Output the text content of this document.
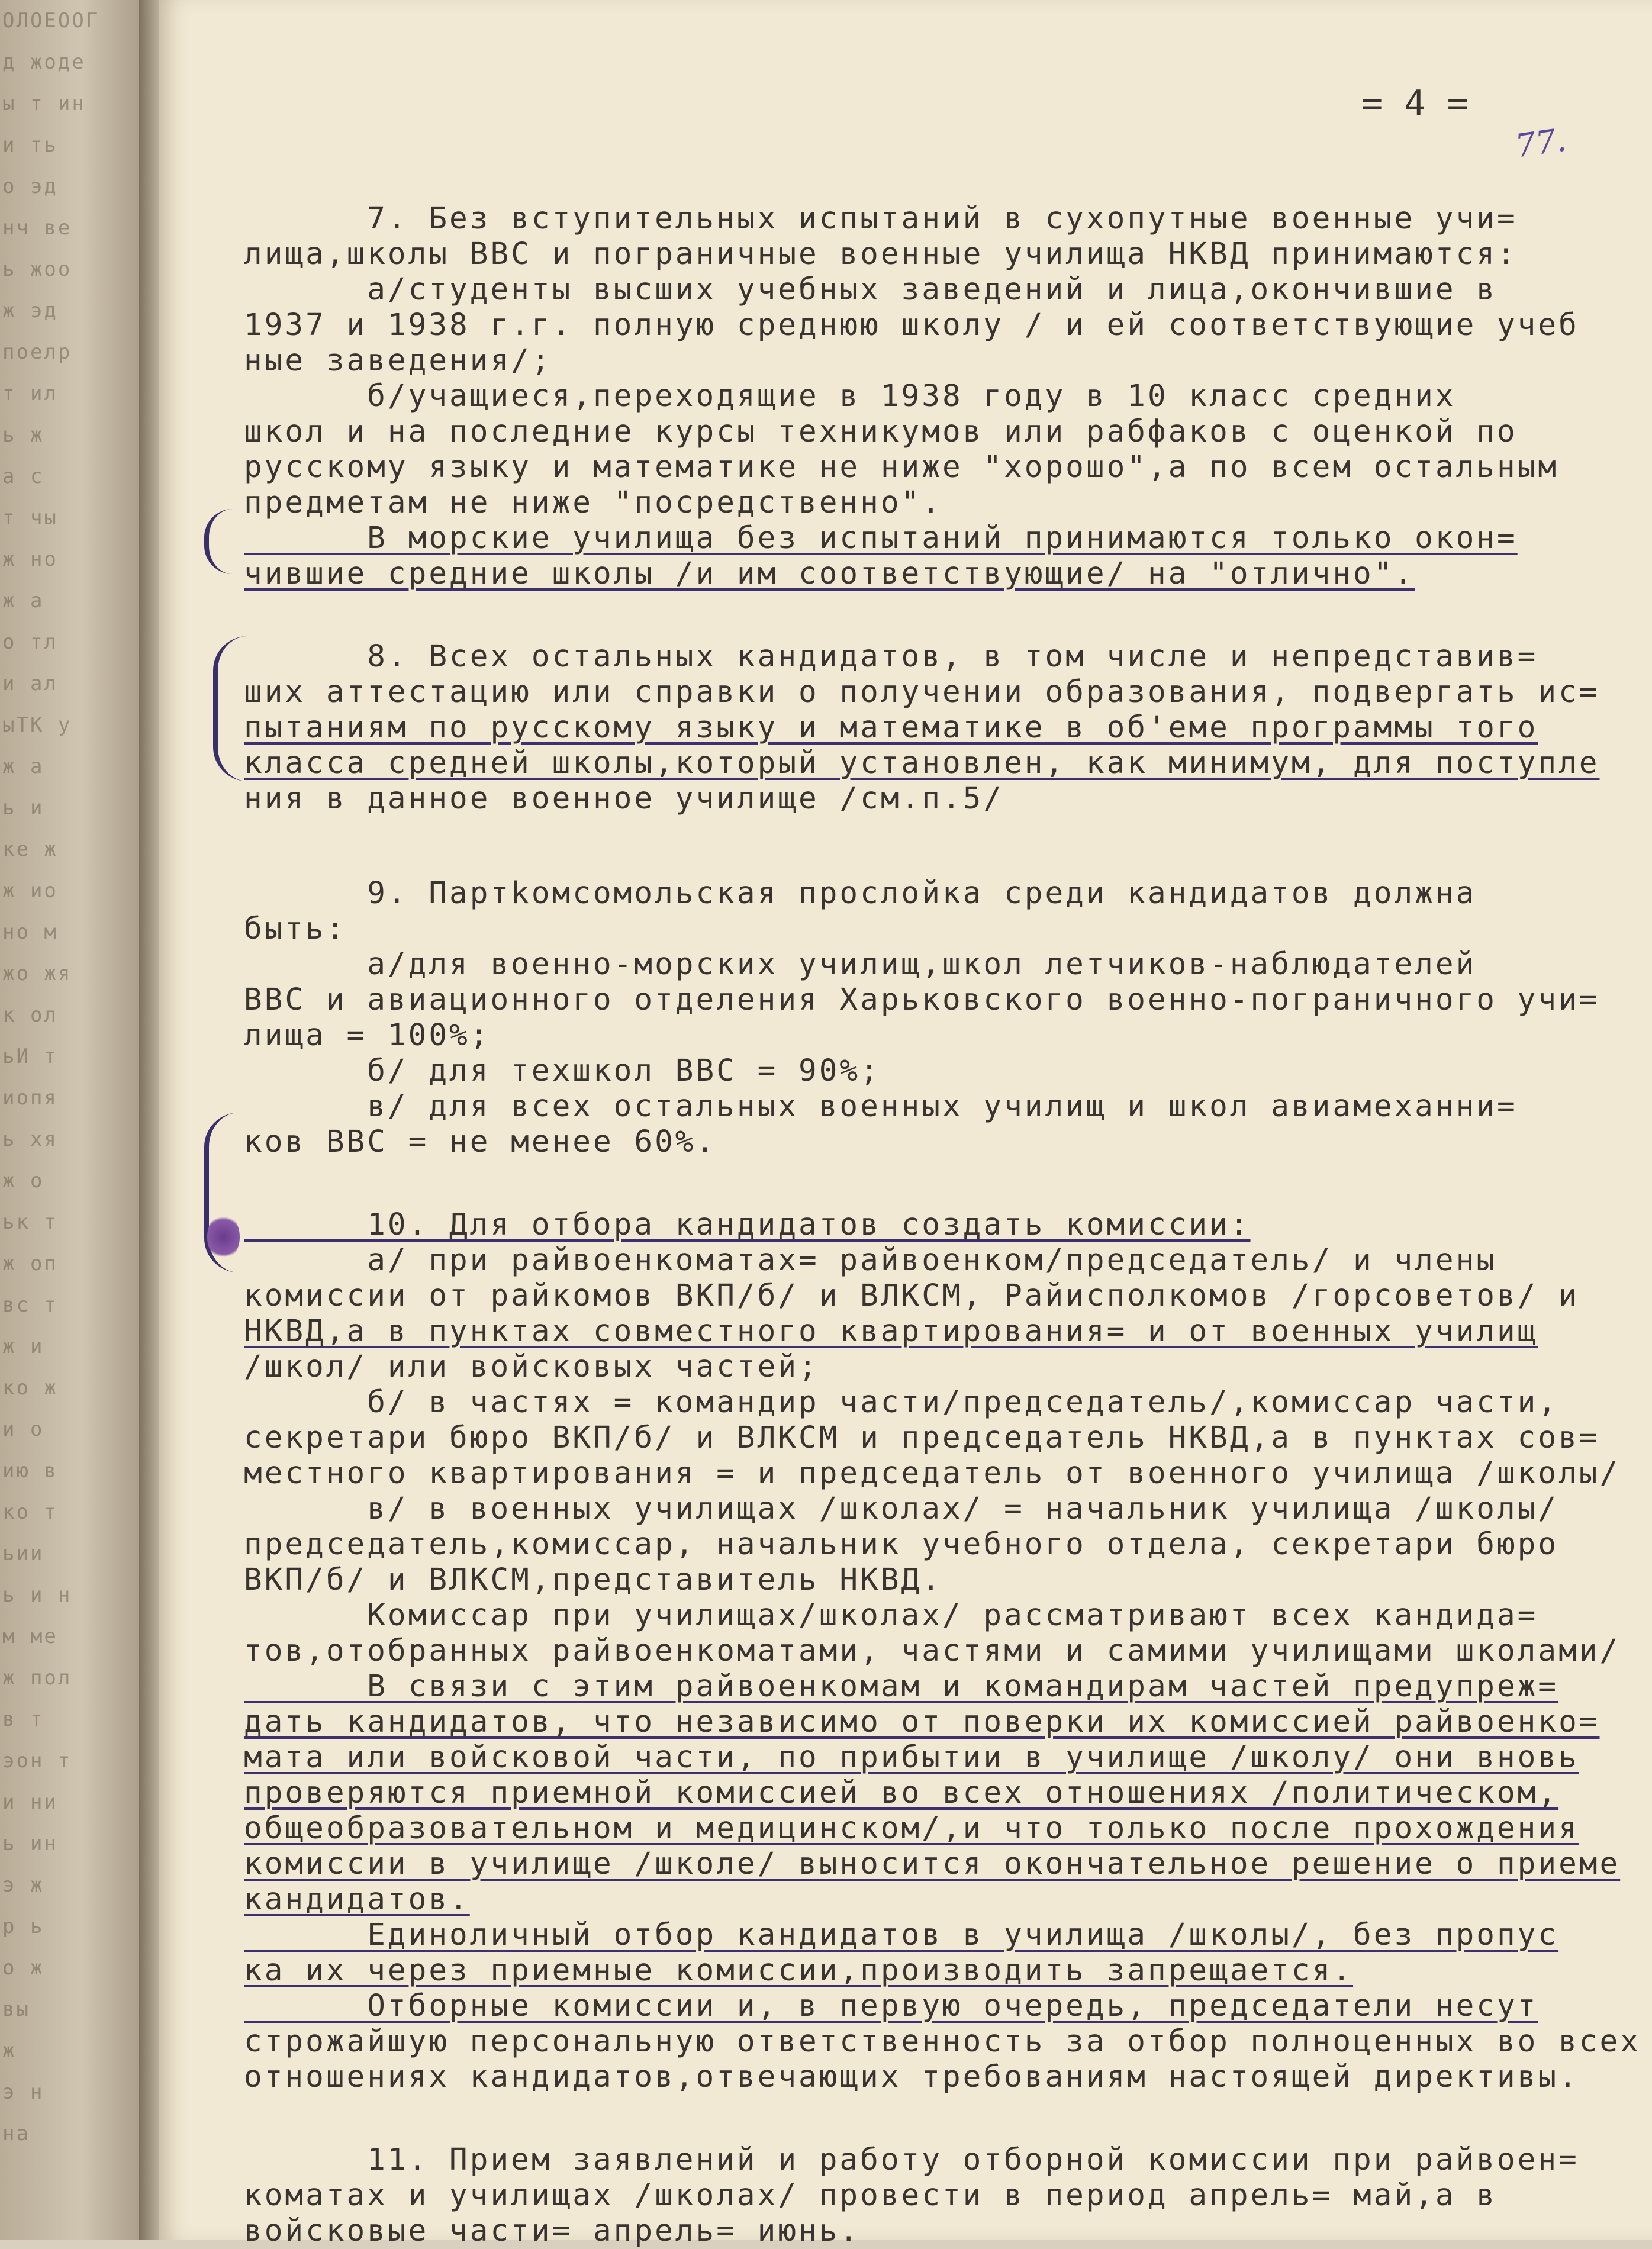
ОЛОЕООГ
д жоде
ы т ин
и ть
о эд
нч ве
ь жоо
ж эд
поелр
т ил
ь ж
а с
т чы
ж но
ж а
о тл
и ал
ыТК у
ж а
ь и
ке ж
ж ио
но м
жо жя
к ол
ьИ т
иопя
ь хя
ж о
ьк т
ж оп
вс т
ж и
ко ж
и о
ию в
ко т
ьии
ь и н
м ме
ж пол
в т
эон т
и ни
ь ин
э ж
р ь
о ж
вы
ж
э н
на
= 4 =
77.
7. Без вступительных испытаний в сухопутные военные учи=
лища,школы ВВС и пограничные военные училища НКВД принимаются:
а/студенты высших учебных заведений и лица,окончившие в
1937 и 1938 г.г. полную среднюю школу / и ей соответствующие учеб
ные заведения/;
б/учащиеся,переходящие в 1938 году в 10 класс средних
школ и на последние курсы техникумов или рабфаков с оценкой по
русскому языку и математике не ниже "хорошо",а по всем остальным
предметам не ниже "посредственно".
В морские училища без испытаний принимаются только окон=
чившие средние школы /и им соответствующие/ на "отлично".
8. Всех остальных кандидатов, в том числе и непредставив=
ших аттестацию или справки о получении образования, подвергать ис=
пытаниям по русскому языку и математике в об'еме программы того
класса средней школы,который установлен, как минимум, для поступле
ния в данное военное училище /см.п.5/
9. Партkомсомольская прослойка среди кандидатов должна
быть:
а/для военно-морских училищ,школ летчиков-наблюдателей
ВВС и авиационного отделения Харьковского военно-пограничного учи=
лища = 100%;
б/ для техшкол ВВС = 90%;
в/ для всех остальных военных училищ и школ авиамеханни=
ков ВВС = не менее 60%.
10. Для отбора кандидатов создать комиссии:
а/ при райвоенкоматах= райвоенком/председатель/ и члены
комиссии от райкомов ВКП/б/ и ВЛКСМ, Райисполкомов /горсоветов/ и
НКВД,а в пунктах совместного квартирования= и от военных училищ
/школ/ или войсковых частей;
б/ в частях = командир части/председатель/,комиссар части,
секретари бюро ВКП/б/ и ВЛКСМ и председатель НКВД,а в пунктах сов=
местного квартирования = и председатель от военного училища /школы/
в/ в военных училищах /школах/ = начальник училища /школы/
председатель,комиссар, начальник учебного отдела, секретари бюро
ВКП/б/ и ВЛКСМ,представитель НКВД.
Комиссар при училищах/школах/ рассматривают всех кандида=
тов,отобранных райвоенкоматами, частями и самими училищами школами/
В связи с этим райвоенкомам и командирам частей предупреж=
дать кандидатов, что независимо от поверки их комиссией райвоенко=
мата или войсковой части, по прибытии в училище /школу/ они вновь
проверяются приемной комиссией во всех отношениях /политическом,
общеобразовательном и медицинском/,и что только после прохождения
комиссии в училище /школе/ выносится окончательное решение о приеме
кандидатов.
Единоличный отбор кандидатов в училища /школы/, без пропус
ка их через приемные комиссии,производить запрещается.
Отборные комиссии и, в первую очередь, председатели несут
строжайшую персональную ответственность за отбор полноценных во всех
отношениях кандидатов,отвечающих требованиям настоящей директивы.
11. Прием заявлений и работу отборной комиссии при райвоен=
коматах и училищах /школах/ провести в период апрель= май,а в
войсковые части= апрель= июнь.
